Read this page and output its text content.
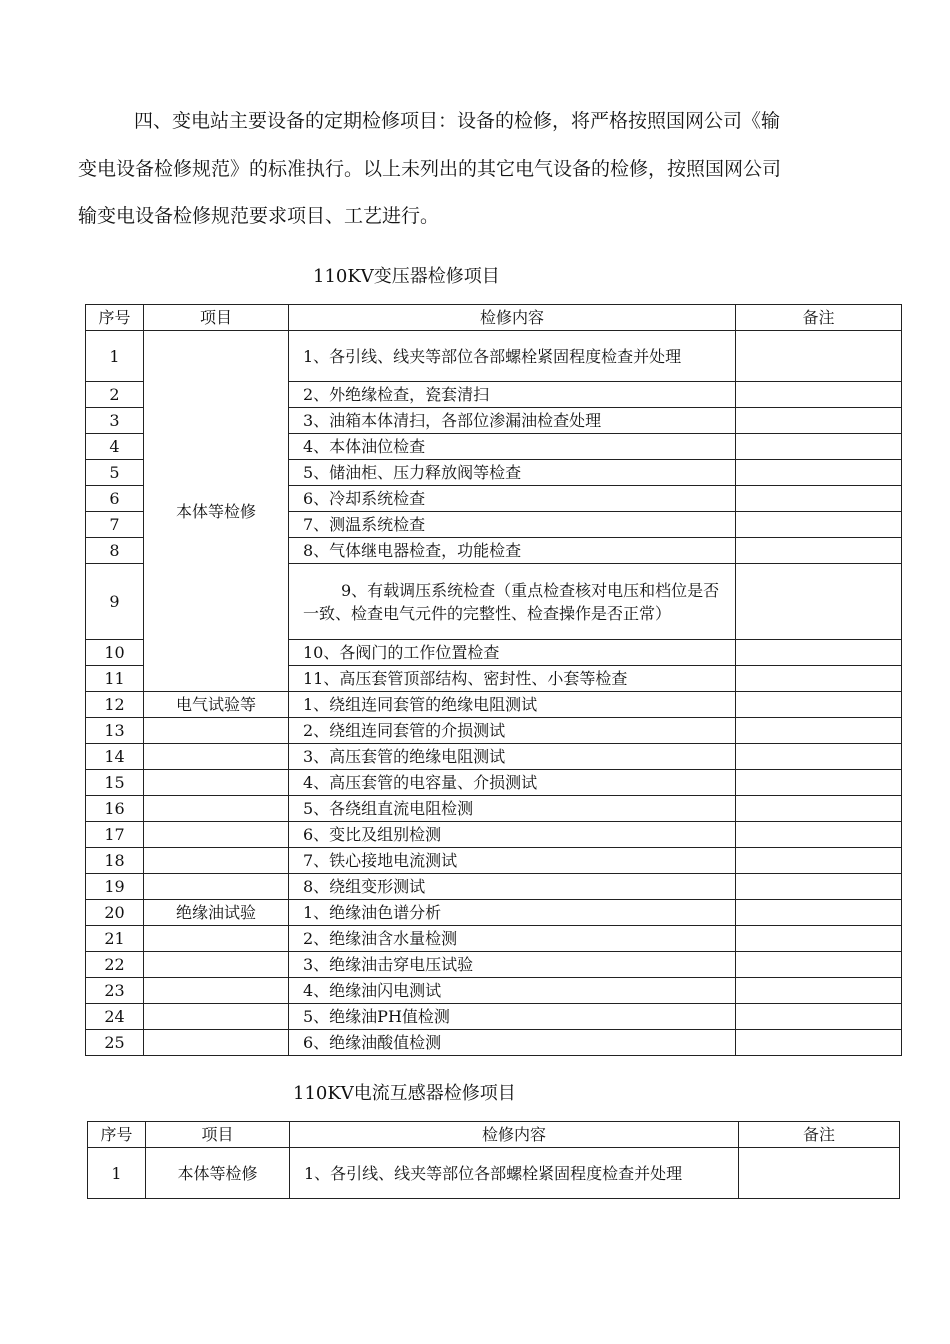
四、变电站主要设备的定期检修项目：设备的检修，将严格按照国网公司《输
变电设备检修规范》的标准执行。以上未列出的其它电气设备的检修，按照国网公司
输变电设备检修规范要求项目、工艺进行。
110KV变压器检修项目
序号	项目	检修内容	备注
1	本体等检修	1、各引线、线夹等部位各部螺栓紧固程度检查并处理	
2		2、外绝缘检查，瓷套清扫	
3		3、油箱本体清扫，各部位渗漏油检查处理	
4		4、本体油位检查	
5		5、储油柜、压力释放阀等检查	
6		6、冷却系统检查	
7		7、测温系统检查	
8		8、气体继电器检查，功能检查	
9		9、有载调压系统检查（重点检查核对电压和档位是否一致、检查电气元件的完整性、检查操作是否正常）	
10		10、各阀门的工作位置检查	
11		11、高压套管顶部结构、密封性、小套等检查	
12	电气试验等	1、绕组连同套管的绝缘电阻测试	
13		2、绕组连同套管的介损测试	
14		3、高压套管的绝缘电阻测试	
15		4、高压套管的电容量、介损测试	
16		5、各绕组直流电阻检测	
17		6、变比及组别检测	
18		7、铁心接地电流测试	
19		8、绕组变形测试	
20	绝缘油试验	1、绝缘油色谱分析	
21		2、绝缘油含水量检测	
22		3、绝缘油击穿电压试验	
23		4、绝缘油闪电测试	
24		5、绝缘油PH值检测	
25		6、绝缘油酸值检测	
110KV电流互感器检修项目
序号	项目	检修内容	备注
1	本体等检修	1、各引线、线夹等部位各部螺栓紧固程度检查并处理	
